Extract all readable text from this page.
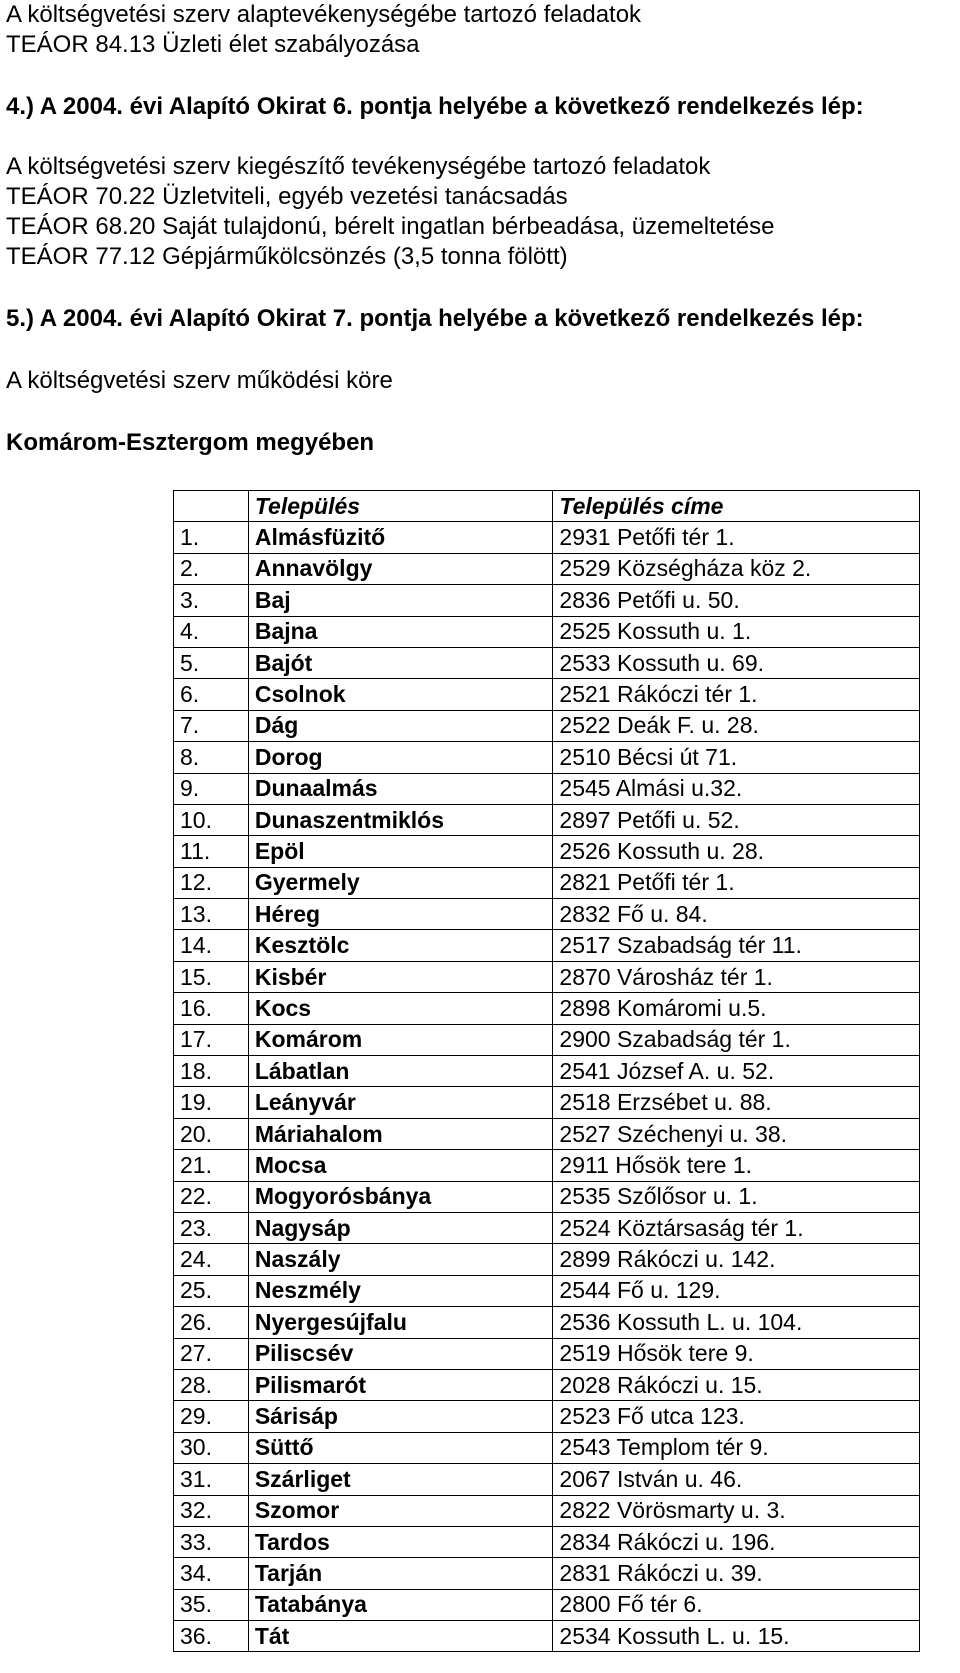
A költségvetési szerv alaptevékenységébe tartozó feladatok
TEÁOR 84.13 Üzleti élet szabályozása
4.) A 2004. évi Alapító Okirat 6. pontja helyébe a következő rendelkezés lép:
A költségvetési szerv kiegészítő tevékenységébe tartozó feladatok
TEÁOR 70.22 Üzletviteli, egyéb vezetési tanácsadás
TEÁOR 68.20 Saját tulajdonú, bérelt ingatlan bérbeadása, üzemeltetése
TEÁOR 77.12 Gépjárműkölcsönzés (3,5 tonna fölött)
5.) A 2004. évi Alapító Okirat 7. pontja helyébe a következő rendelkezés lép:
A költségvetési szerv működési köre
Komárom-Esztergom megyében
	Település	Település címe
1.	Almásfüzitő	2931 Petőfi tér 1.
2.	Annavölgy	2529 Községháza köz 2.
3.	Baj	2836 Petőfi u. 50.
4.	Bajna	2525 Kossuth u. 1.
5.	Bajót	2533 Kossuth u. 69.
6.	Csolnok	2521 Rákóczi tér 1.
7.	Dág	2522 Deák F. u. 28.
8.	Dorog	2510 Bécsi út 71.
9.	Dunaalmás	2545 Almási u.32.
10.	Dunaszentmiklós	2897 Petőfi u. 52.
11.	Epöl	2526 Kossuth u. 28.
12.	Gyermely	2821 Petőfi tér 1.
13.	Héreg	2832 Fő u. 84.
14.	Kesztölc	2517 Szabadság tér 11.
15.	Kisbér	2870 Városház tér 1.
16.	Kocs	2898 Komáromi u.5.
17.	Komárom	2900 Szabadság tér 1.
18.	Lábatlan	2541 József A. u. 52.
19.	Leányvár	2518 Erzsébet u. 88.
20.	Máriahalom	2527 Széchenyi u. 38.
21.	Mocsa	2911 Hősök tere 1.
22.	Mogyorósbánya	2535 Szőlősor u. 1.
23.	Nagysáp	2524 Köztársaság tér 1.
24.	Naszály	2899 Rákóczi u. 142.
25.	Neszmély	2544 Fő u. 129.
26.	Nyergesújfalu	2536 Kossuth L. u. 104.
27.	Piliscsév	2519 Hősök tere 9.
28.	Pilismarót	2028 Rákóczi u. 15.
29.	Sárisáp	2523 Fő utca 123.
30.	Süttő	2543 Templom tér 9.
31.	Szárliget	2067 István u. 46.
32.	Szomor	2822 Vörösmarty u. 3.
33.	Tardos	2834 Rákóczi u. 196.
34.	Tarján	2831 Rákóczi u. 39.
35.	Tatabánya	2800 Fő tér 6.
36.	Tát	2534 Kossuth L. u. 15.
